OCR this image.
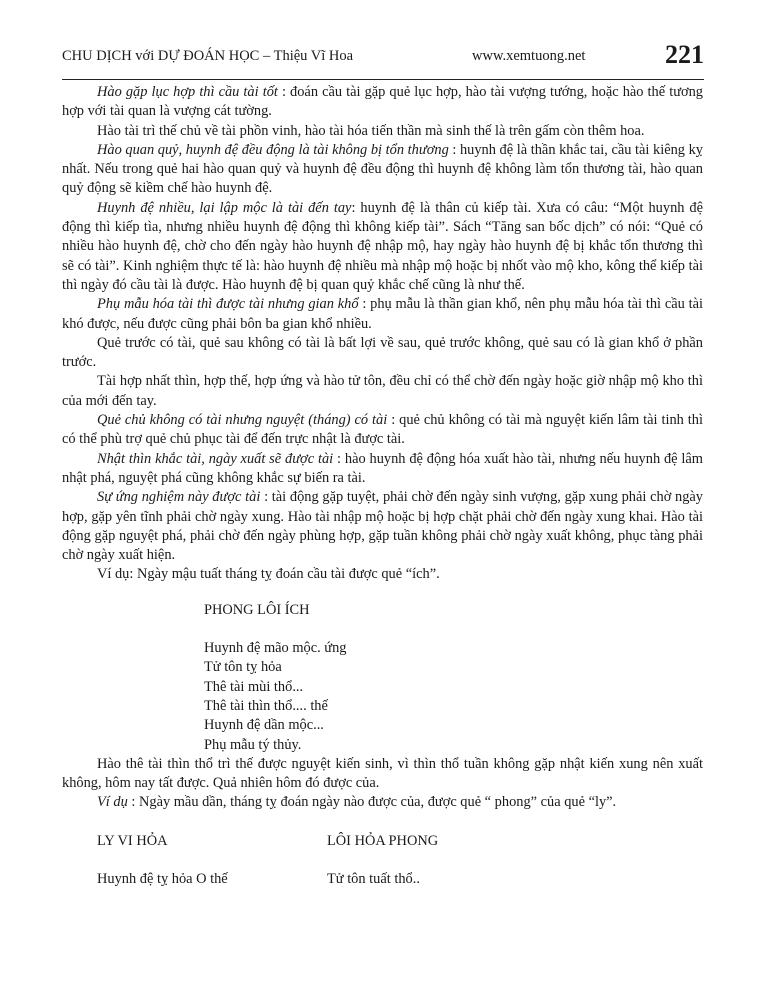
CHU DỊCH với DỰ ĐOÁN HỌC – Thiệu Vĩ Hoa	www.xemtuong.net	221

Hào gặp lục hợp thì cầu tài tốt : đoán cầu tài gặp quẻ lục hợp, hào tài vượng tướng, hoặc hào thế tương hợp với tài quan là vượng cát tường.

Hào tài trì thế chủ về tài phồn vinh, hào tài hóa tiến thần mà sinh thế là trên gấm còn thêm hoa.

Hào quan quỷ, huynh đệ đều động là tài không bị tổn thương : huynh đệ là thần khắc tai, cầu tài kiêng kỵ nhất. Nếu trong quẻ hai hào quan quỷ và huynh đệ đều động thì huynh đệ không làm tổn thương tài, hào quan quỷ động sẽ kiềm chế hào huynh đệ.

Huynh đệ nhiều, lại lập mộc là tài đến tay: huynh đệ là thân củ kiếp tài. Xưa có câu: “Một huynh đệ động thì kiếp tìa, nhưng nhiều huynh đệ động thì không kiếp tài”. Sách “Tăng san bốc dịch” có nói: “Quẻ có nhiều hào huynh đệ, chờ cho đến ngày hào huynh đệ nhập mộ, hay ngày hào huynh đệ bị khắc tổn thương thì sẽ có tài”. Kinh nghiệm thực tế là: hào huynh đệ nhiều mà nhập mộ hoặc bị nhốt vào mộ kho, kông thể kiếp tài thì ngày đó cầu tài là được. Hào huynh đệ bị quan quỷ khắc chế cũng là như thế.

Phụ mẫu hóa tài thì được tài nhưng gian khổ : phụ mẫu là thần gian khổ, nên phụ mẫu hóa tài thì cầu tài khó được, nếu được cũng phải bôn ba gian khổ nhiều.

Quẻ trước có tài, quẻ sau không có tài là bất lợi về sau, quẻ trước không, quẻ sau có là gian khổ ở phần trước.

Tài hợp nhất thìn, hợp thế, hợp ứng và hào tử tôn, đều chỉ có thể chờ đến ngày hoặc giờ nhập mộ kho thì của mới đến tay.

Quẻ chủ không có tài nhưng nguyệt (tháng) có tài : quẻ chủ không có tài mà nguyệt kiến lâm tài tinh thì có thể phù trợ quẻ chủ phục tài để đến trực nhật là được tài.

Nhật thìn khắc tài, ngày xuất sẽ được tài : hào huynh đệ động hóa xuất hào tài, nhưng nếu huynh đệ lâm nhật phá, nguyệt phá cũng không khắc sự biến ra tài.

Sự ứng nghiệm này được tài : tài động gặp tuyệt, phải chờ đến ngày sinh vượng, gặp xung phải chờ ngày hợp, gặp yên tĩnh phải chờ ngày xung. Hào tài nhập mộ hoặc bị hợp chặt phải chờ đến ngày xung khai. Hào tài động gặp nguyệt phá, phải chờ đến ngày phùng hợp, gặp tuần không phải chờ ngày xuất không, phục tàng phải chờ ngày xuất hiện.

Ví dụ: Ngày mậu tuất tháng tỵ đoán cầu tài được quẻ “ích”.

PHONG LÔI ÍCH
Huynh đệ mão mộc. ứng
Tử tôn tỵ hỏa
Thê tài mùi thổ...
Thê tài thìn thổ.... thế
Huynh đệ dần mộc...
Phụ mẫu tý thủy.

Hào thê tài thìn thổ trì thế được nguyệt kiến sinh, vì thìn thổ tuần không gặp nhật kiến xung nên xuất không, hôm nay tất được. Quả nhiên hôm đó được của.

Ví dụ : Ngày mầu dần, tháng tỵ đoán ngày nào được của, được quẻ “ phong” của quẻ “ly”.

LY VI HỎA	LÔI HỎA PHONG
Huynh đệ tỵ hỏa O thế	Tử tôn tuất thổ..
